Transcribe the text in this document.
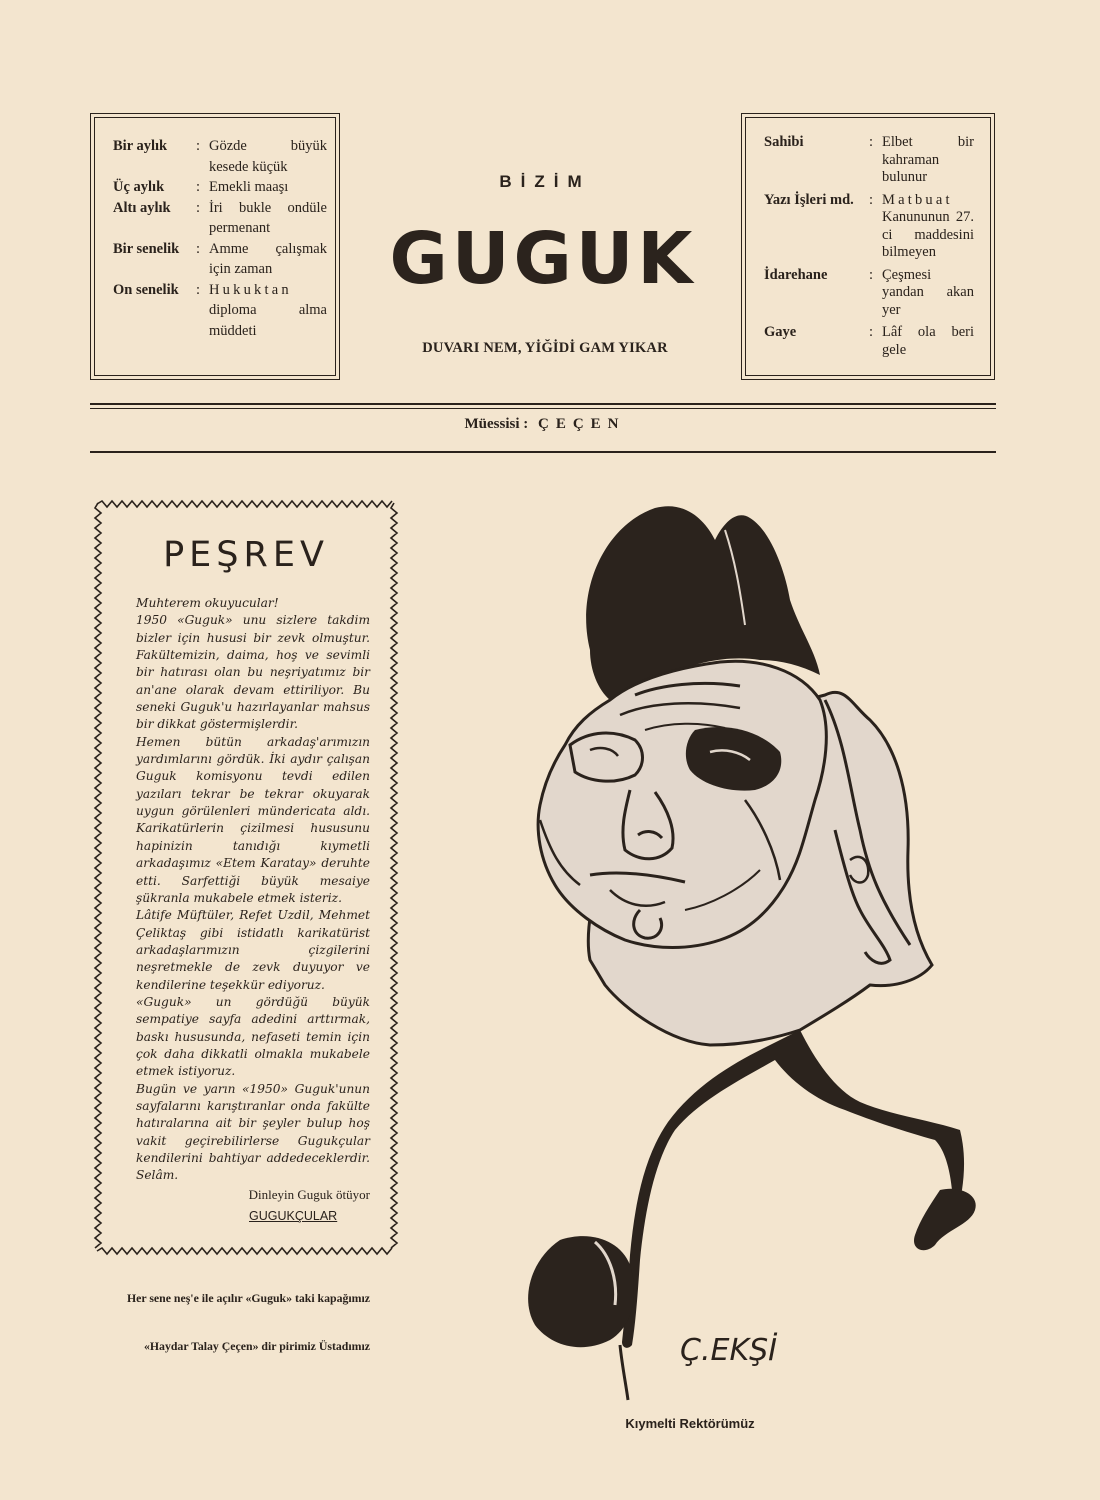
Bir aylık	: Gözde büyük kesede küçük
Üç aylık	: Emekli maaşı
Altı aylık	: İri bukle ondüle permenant
Bir senelik	: Amme çalışmak için zaman
On senelik	: Hukuktan diploma alma müddeti
BİZİM
GUGUK
DUVARI NEM, YİĞİDİ GAM YIKAR
Sahibi	: Elbet bir kahraman bulunur
Yazı İşleri md.	: Matbuat Kanununun 27. ci maddesini bilmeyen
İdarehane	: Çeşmesi yandan akan yer
Gaye	: Lâf ola beri gele
Müessisi : ÇEÇEN
PEŞREV

Muhterem okuyucular!

1950 «Guguk» unu sizlere takdim bizler için hususi bir zevk olmuştur. Fakültemizin, daima, hoş ve sevimli bir hatırası olan bu neşriyatımız bir an'ane olarak devam ettiriliyor. Bu seneki Guguk'u hazırlayanlar mahsus bir dikkat göstermişlerdir.

Hemen bütün arkadaş'arımızın yardımlarını gördük. İki aydır çalışan Guguk komisyonu tevdi edilen yazıları tekrar be tekrar okuyarak uygun görülenleri mündericata aldı. Karikatürlerin çizilmesi hususunu hapinizin tanıdığı kıymetli arkadaşımız «Etem Karatay» deruhte etti. Sarfettiği büyük mesaiye şükranla mukabele etmek isteriz.

Lâtife Müftüler, Refet Uzdil, Mehmet Çeliktaş gibi istidatlı karikatürist arkadaşlarımızın çizgilerini neşretmekle de zevk duyuyor ve kendilerine teşekkür ediyoruz.

«Guguk» un gördüğü büyük sempatiye sayfa adedini arttırmak, baskı hususunda, nefaseti temin için çok daha dikkatli olmakla mukabele etmek istiyoruz.

Bugün ve yarın «1950» Guguk'unun sayfalarını karıştıranlar onda fakülte hatıralarına ait bir şeyler bulup hoş vakit geçirebilirlerse Gugukçular kendilerini bahtiyar addedeceklerdir. Selâm.

Dinleyin Guguk ötüyor
GUGUKÇULAR
Her sene neş'e ile açılır «Guguk» taki kapağımız
«Haydar Talay Çeçen» dir pirimiz Üstadımız	Ç.EKŞİ
Kıymelti Rektörümüz
